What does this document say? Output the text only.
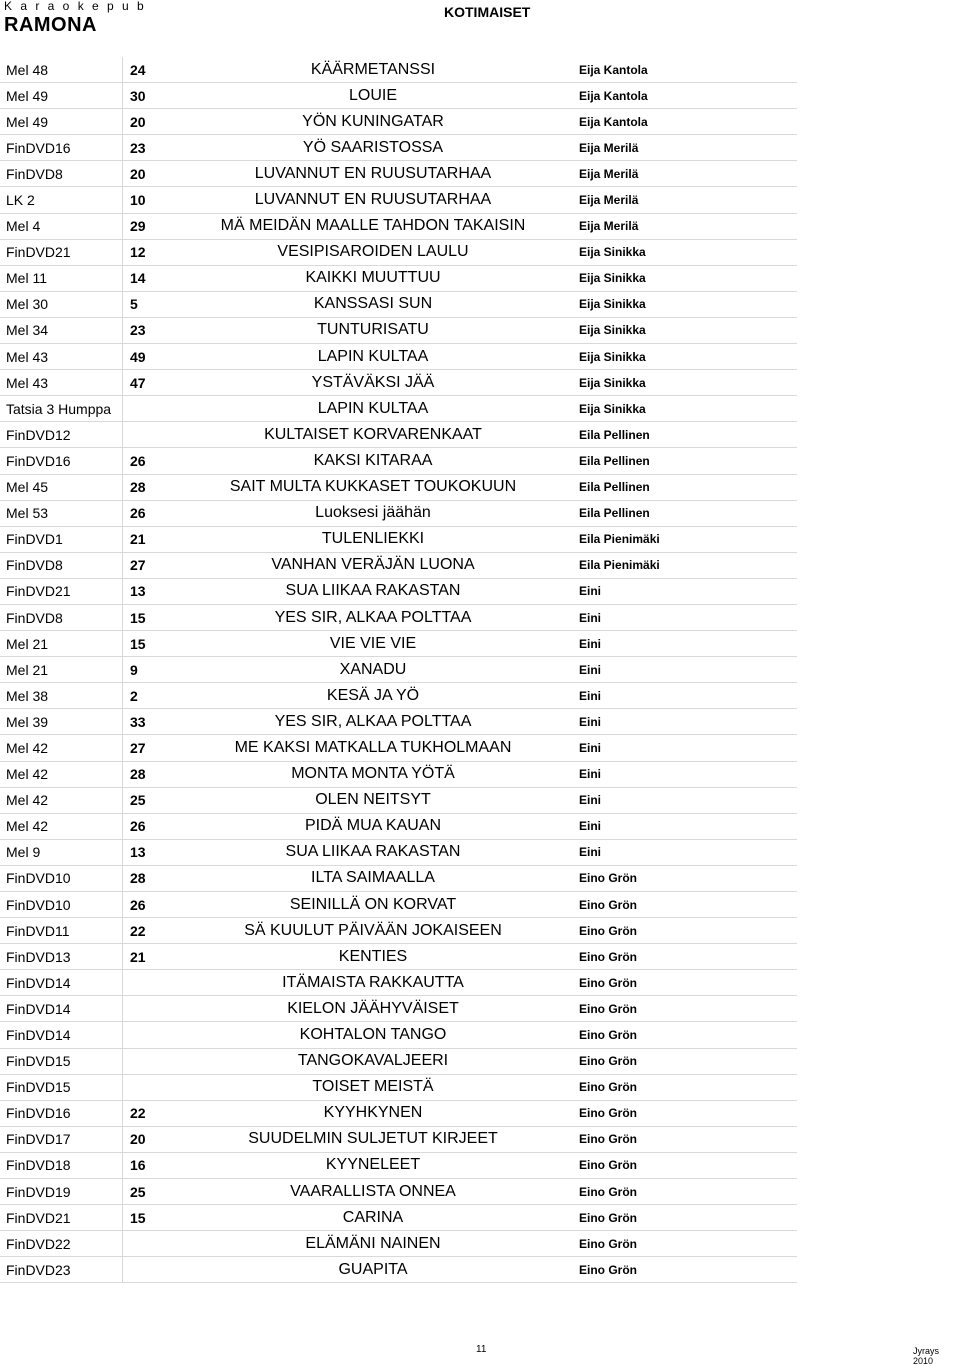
K a r a o k e p u b
RAMONA
KOTIMAISET
Mel 48	24	KÄÄRMETANSSI	Eija Kantola
Mel 49	30	LOUIE	Eija Kantola
Mel 49	20	YÖN KUNINGATAR	Eija Kantola
FinDVD16	23	YÖ SAARISTOSSA	Eija Merilä
FinDVD8	20	LUVANNUT EN RUUSUTARHAA	Eija Merilä
LK 2	10	LUVANNUT EN RUUSUTARHAA	Eija Merilä
Mel 4	29	MÄ MEIDÄN MAALLE TAHDON TAKAISIN	Eija Merilä
FinDVD21	12	VESIPISAROIDEN LAULU	Eija Sinikka
Mel 11	14	KAIKKI MUUTTUU	Eija Sinikka
Mel 30	5	KANSSASI SUN	Eija Sinikka
Mel 34	23	TUNTURISATU	Eija Sinikka
Mel 43	49	LAPIN KULTAA	Eija Sinikka
Mel 43	47	YSTÄVÄKSI JÄÄ	Eija Sinikka
Tatsia 3 Humppa		LAPIN KULTAA	Eija Sinikka
FinDVD12		KULTAISET KORVARENKAAT	Eila Pellinen
FinDVD16	26	KAKSI KITARAA	Eila Pellinen
Mel 45	28	SAIT MULTA KUKKASET TOUKOKUUN	Eila Pellinen
Mel 53	26	Luoksesi jäähän	Eila Pellinen
FinDVD1	21	TULENLIEKKI	Eila Pienimäki
FinDVD8	27	VANHAN VERÄJÄN LUONA	Eila Pienimäki
FinDVD21	13	SUA LIIKAA RAKASTAN	Eini
FinDVD8	15	YES SIR, ALKAA POLTTAA	Eini
Mel 21	15	VIE VIE VIE	Eini
Mel 21	9	XANADU	Eini
Mel 38	2	KESÄ JA YÖ	Eini
Mel 39	33	YES SIR, ALKAA POLTTAA	Eini
Mel 42	27	ME KAKSI MATKALLA TUKHOLMAAN	Eini
Mel 42	28	MONTA MONTA YÖTÄ	Eini
Mel 42	25	OLEN NEITSYT	Eini
Mel 42	26	PIDÄ MUA KAUAN	Eini
Mel 9	13	SUA LIIKAA RAKASTAN	Eini
FinDVD10	28	ILTA SAIMAALLA	Eino Grön
FinDVD10	26	SEINILLÄ ON KORVAT	Eino Grön
FinDVD11	22	SÄ KUULUT PÄIVÄÄN JOKAISEEN	Eino Grön
FinDVD13	21	KENTIES	Eino Grön
FinDVD14		ITÄMAISTA RAKKAUTTA	Eino Grön
FinDVD14		KIELON JÄÄHYVÄISET	Eino Grön
FinDVD14		KOHTALON TANGO	Eino Grön
FinDVD15		TANGOKAVALJEERI	Eino Grön
FinDVD15		TOISET MEISTÄ	Eino Grön
FinDVD16	22	KYYHKYNEN	Eino Grön
FinDVD17	20	SUUDELMIN SULJETUT KIRJEET	Eino Grön
FinDVD18	16	KYYNELEET	Eino Grön
FinDVD19	25	VAARALLISTA ONNEA	Eino Grön
FinDVD21	15	CARINA	Eino Grön
FinDVD22		ELÄMÄNI NAINEN	Eino Grön
FinDVD23		GUAPITA	Eino Grön
11	Jyrays 2010
